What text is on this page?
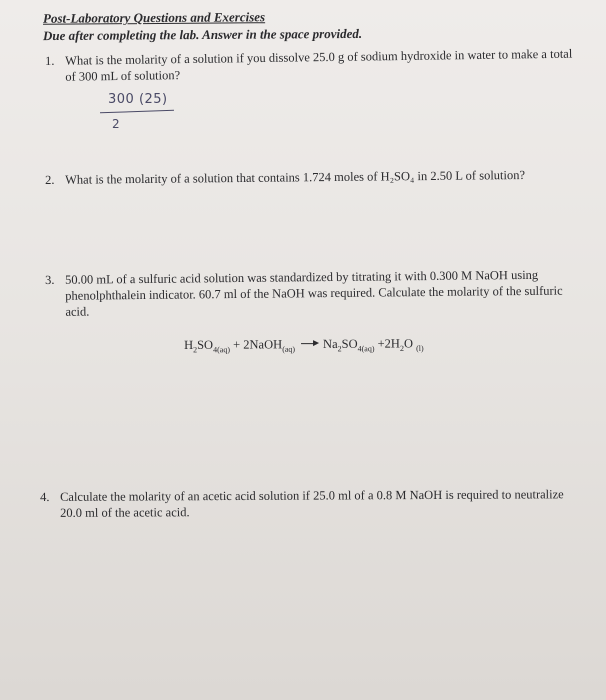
Post-Laboratory Questions and Exercises

Due after completing the lab. Answer in the space provided.

1. What is the molarity of a solution if you dissolve 25.0 g of sodium hydroxide in water to make a total of 300 mL of solution?
300 (25)
2
2. What is the molarity of a solution that contains 1.724 moles of H₂SO₄ in 2.50 L of solution?
3. 50.00 mL of a sulfuric acid solution was standardized by titrating it with 0.300 M NaOH using phenolphthalein indicator. 60.7 ml of the NaOH was required. Calculate the molarity of the sulfuric acid.

$H_2SO_{4(aq)}$ + 2NaOH$_{(aq)}$ $Na_2SO_{4(aq)} +2H_2O$ $_{(l)}$

4. Calculate the molarity of an acetic acid solution if 25.0 ml of a 0.8 M NaOH is required to neutralize 20.0 ml of the acetic acid.
